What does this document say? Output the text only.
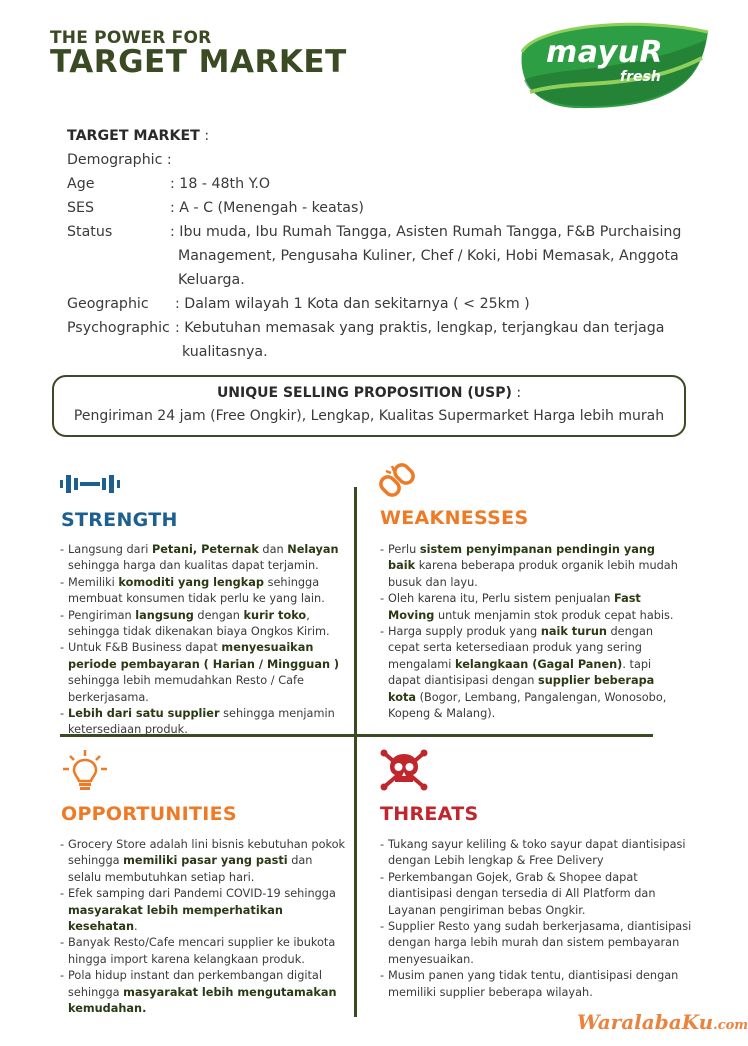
THE POWER FOR
TARGET MARKET	mayuR
fresh
TARGET MARKET :
Demographic :
Age	: 18 - 48th Y.O
SES	: A - C (Menengah - keatas)
Status	: Ibu muda, Ibu Rumah Tangga, Asisten Rumah Tangga, F&B Purchaising
Management, Pengusaha Kuliner, Chef / Koki, Hobi Memasak, Anggota
Keluarga.
Geographic : Dalam wilayah 1 Kota dan sekitarnya ( < 25km )
Psychographic : Kebutuhan memasak yang praktis, lengkap, terjangkau dan terjaga
kualitasnya.
UNIQUE SELLING PROPOSITION (USP) :
Pengiriman 24 jam (Free Ongkir), Lengkap, Kualitas Supermarket Harga lebih murah
STRENGTH
- Langsung dari Petani, Peternak dan Nelayan sehingga harga dan kualitas dapat terjamin.
- Memiliki komoditi yang lengkap sehingga membuat konsumen tidak perlu ke yang lain.
- Pengiriman langsung dengan kurir toko, sehingga tidak dikenakan biaya Ongkos Kirim.
- Untuk F&B Business dapat menyesuaikan periode pembayaran ( Harian / Mingguan ) sehingga lebih memudahkan Resto / Cafe berkerjasama.
- Lebih dari satu supplier sehingga menjamin ketersediaan produk.
WEAKNESSES
- Perlu sistem penyimpanan pendingin yang baik karena beberapa produk organik lebih mudah busuk dan layu.
- Oleh karena itu, Perlu sistem penjualan Fast Moving untuk menjamin stok produk cepat habis.
- Harga supply produk yang naik turun dengan cepat serta ketersediaan produk yang sering mengalami kelangkaan (Gagal Panen). tapi dapat diantisipasi dengan supplier beberapa kota (Bogor, Lembang, Pangalengan, Wonosobo, Kopeng & Malang).
OPPORTUNITIES
- Grocery Store adalah lini bisnis kebutuhan pokok sehingga memiliki pasar yang pasti dan selalu membutuhkan setiap hari.
- Efek samping dari Pandemi COVID-19 sehingga masyarakat lebih memperhatikan kesehatan.
- Banyak Resto/Cafe mencari supplier ke ibukota hingga import karena kelangkaan produk.
- Pola hidup instant dan perkembangan digital sehingga masyarakat lebih mengutamakan kemudahan.
THREATS
- Tukang sayur keliling & toko sayur dapat diantisipasi dengan Lebih lengkap & Free Delivery
- Perkembangan Gojek, Grab & Shopee dapat diantisipasi dengan tersedia di All Platform dan Layanan pengiriman bebas Ongkir.
- Supplier Resto yang sudah berkerjasama, diantisipasi dengan harga lebih murah dan sistem pembayaran menyesuaikan.
- Musim panen yang tidak tentu, diantisipasi dengan memiliki supplier beberapa wilayah.
WaralabaKu.com
